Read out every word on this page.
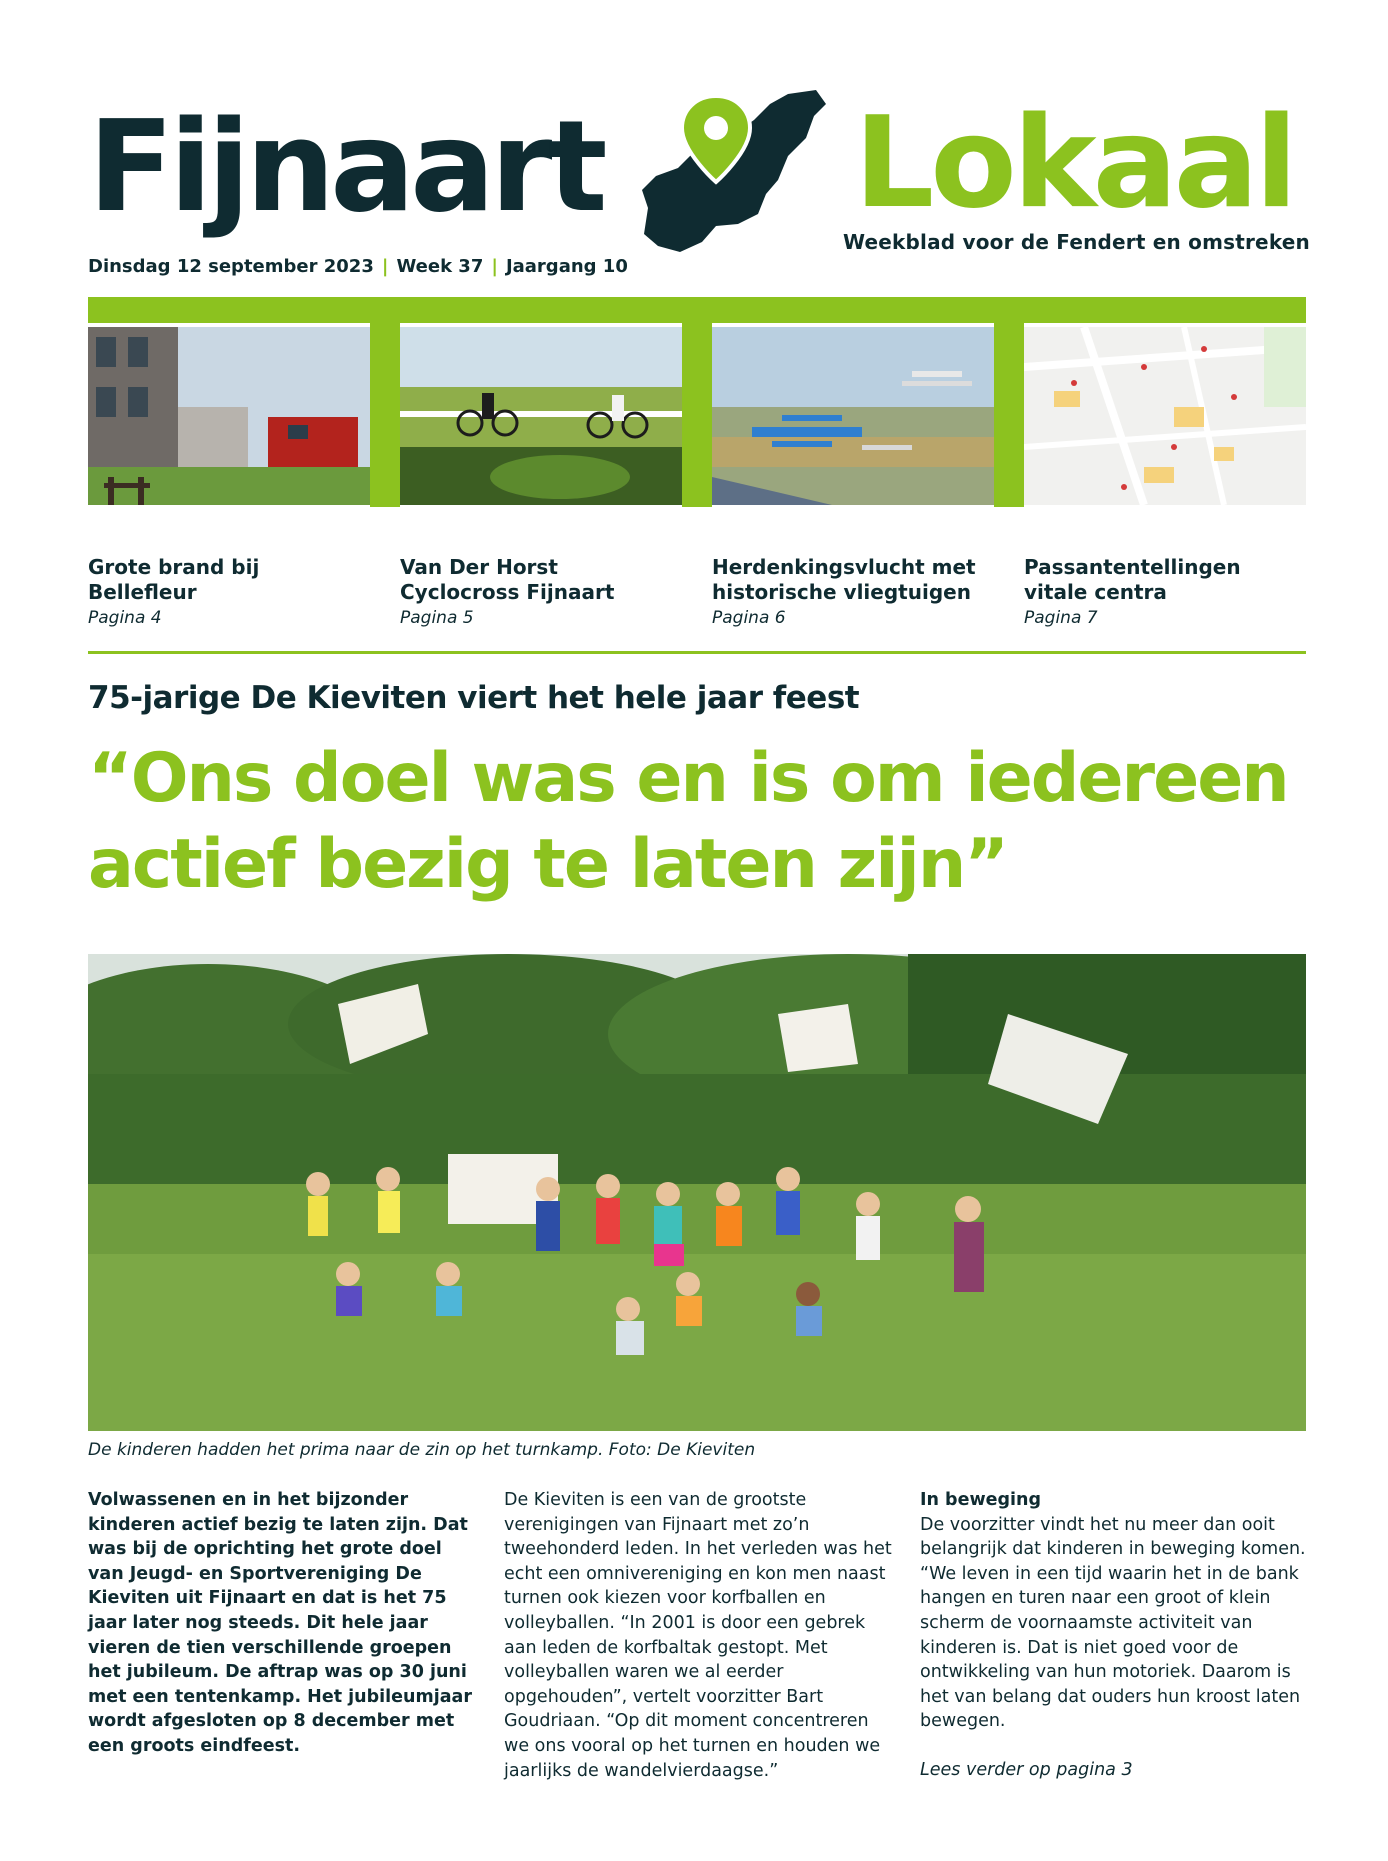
Fijnaart Lokaal
Weekblad voor de Fendert en omstreken
Dinsdag 12 september 2023 | Week 37 | Jaargang 10
Grote brand bij Bellefleur
Pagina 4
Van Der Horst Cyclocross Fijnaart
Pagina 5
Herdenkingsvlucht met historische vliegtuigen
Pagina 6
Passantentellingen vitale centra
Pagina 7
75-jarige De Kieviten viert het hele jaar feest
“Ons doel was en is om iedereen actief bezig te laten zijn”
De kinderen hadden het prima naar de zin op het turnkamp. Foto: De Kieviten
Volwassenen en in het bijzonder kinderen actief bezig te laten zijn. Dat was bij de oprichting het grote doel van Jeugd- en Sportvereniging De Kieviten uit Fijnaart en dat is het 75 jaar later nog steeds. Dit hele jaar vieren de tien verschillende groepen het jubileum. De aftrap was op 30 juni met een tentenkamp. Het jubileumjaar wordt afgesloten op 8 december met een groots eindfeest.
De Kieviten is een van de grootste verenigingen van Fijnaart met zo’n tweehonderd leden. In het verleden was het echt een omnivereniging en kon men naast turnen ook kiezen voor korfballen en volleyballen. “In 2001 is door een gebrek aan leden de korfbaltak gestopt. Met volleyballen waren we al eerder opgehouden”, vertelt voorzitter Bart Goudriaan. “Op dit moment concentreren we ons vooral op het turnen en houden we jaarlijks de wandelvierdaagse.”
In beweging
De voorzitter vindt het nu meer dan ooit belangrijk dat kinderen in beweging komen. “We leven in een tijd waarin het in de bank hangen en turen naar een groot of klein scherm de voornaamste activiteit van kinderen is. Dat is niet goed voor de ontwikkeling van hun motoriek. Daarom is het van belang dat ouders hun kroost laten bewegen.
Lees verder op pagina 3
